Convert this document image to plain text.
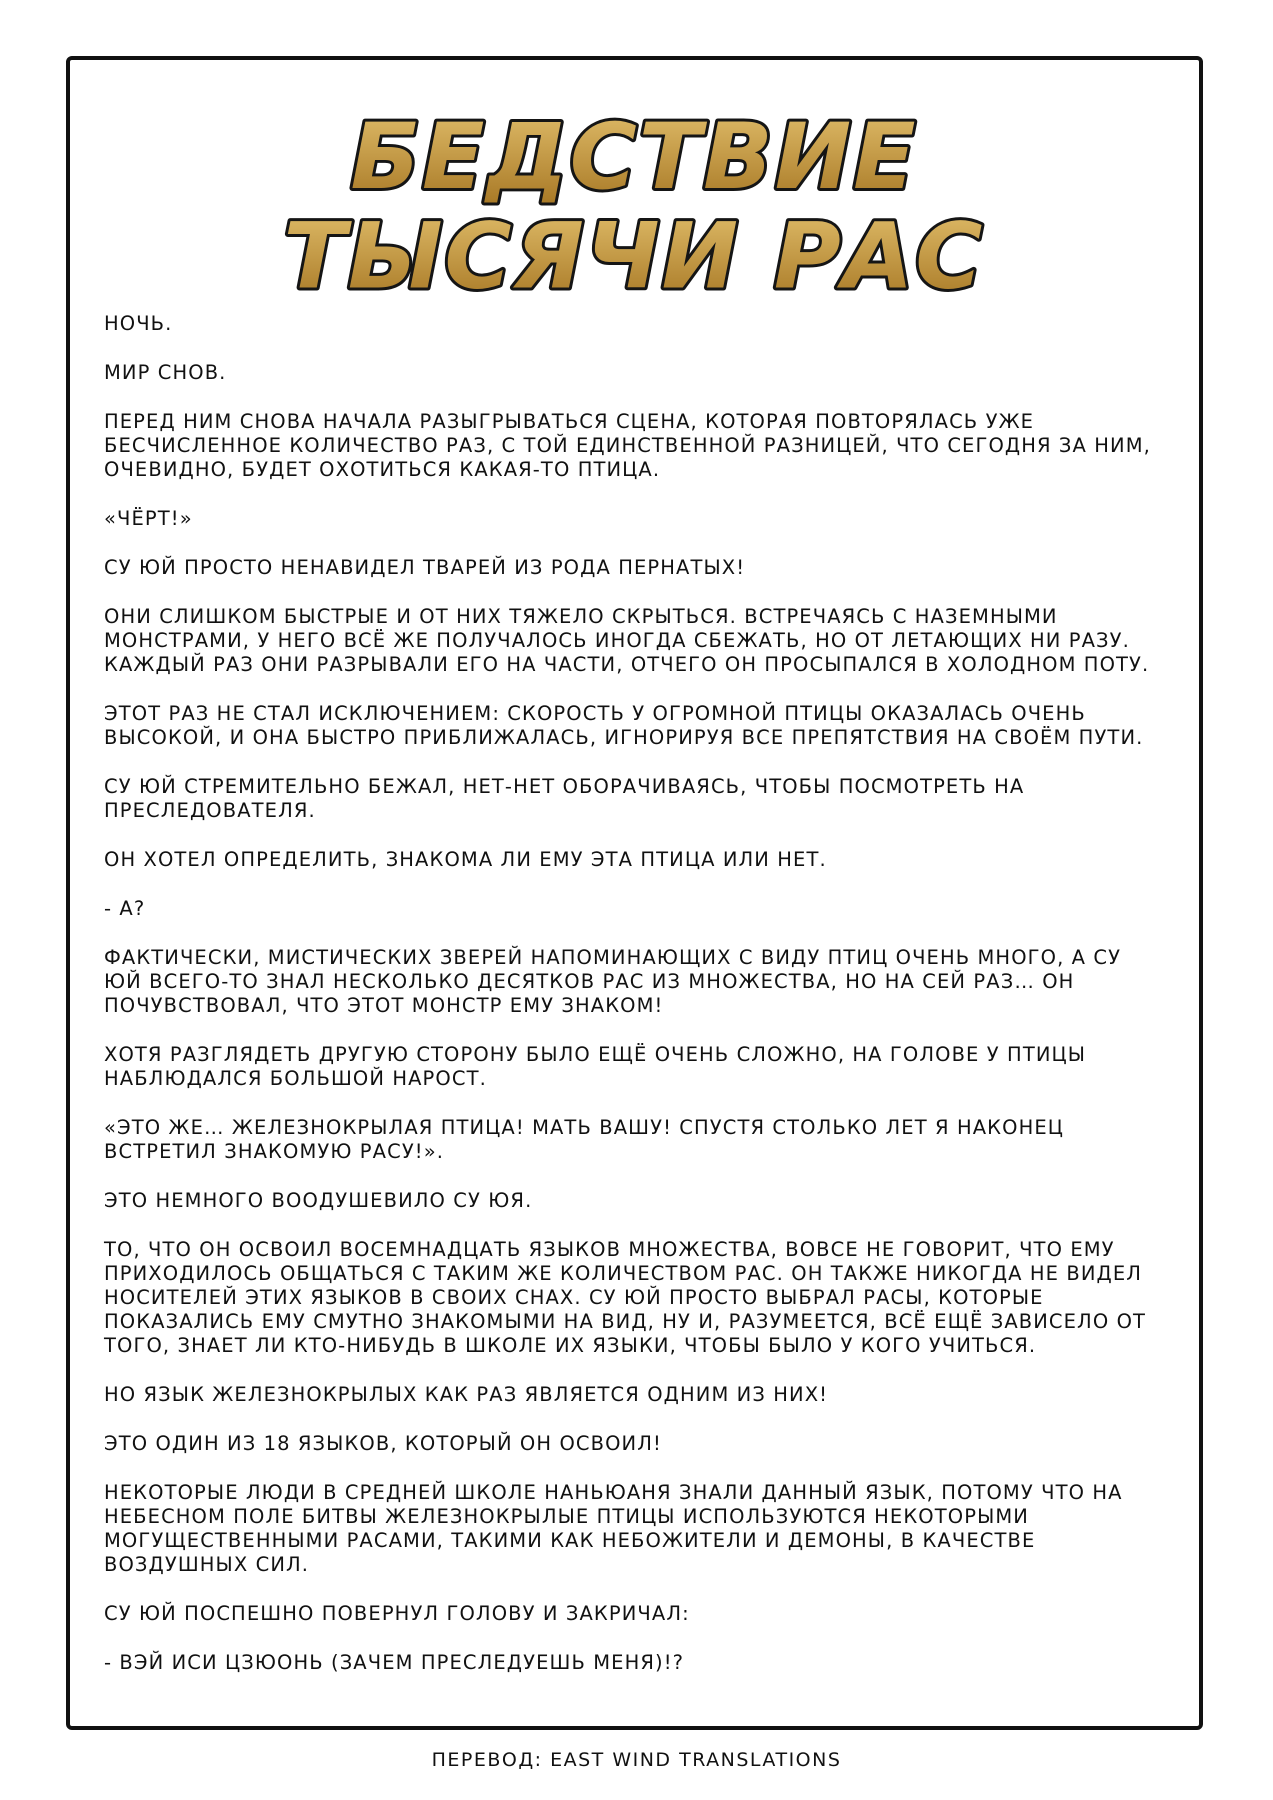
БЕДСТВИЕ
ТЫСЯЧИ РАС

НОЧЬ.

МИР СНОВ.

ПЕРЕД НИМ СНОВА НАЧАЛА РАЗЫГРЫВАТЬСЯ СЦЕНА, КОТОРАЯ ПОВТОРЯЛАСЬ УЖЕ БЕСЧИСЛЕННОЕ КОЛИЧЕСТВО РАЗ, С ТОЙ ЕДИНСТВЕННОЙ РАЗНИЦЕЙ, ЧТО СЕГОДНЯ ЗА НИМ, ОЧЕВИДНО, БУДЕТ ОХОТИТЬСЯ КАКАЯ-ТО ПТИЦА.

«ЧЁРТ!»

СУ ЮЙ ПРОСТО НЕНАВИДЕЛ ТВАРЕЙ ИЗ РОДА ПЕРНАТЫХ!

ОНИ СЛИШКОМ БЫСТРЫЕ И ОТ НИХ ТЯЖЕЛО СКРЫТЬСЯ. ВСТРЕЧАЯСЬ С НАЗЕМНЫМИ МОНСТРАМИ, У НЕГО ВСЁ ЖЕ ПОЛУЧАЛОСЬ ИНОГДА СБЕЖАТЬ, НО ОТ ЛЕТАЮЩИХ НИ РАЗУ. КАЖДЫЙ РАЗ ОНИ РАЗРЫВАЛИ ЕГО НА ЧАСТИ, ОТЧЕГО ОН ПРОСЫПАЛСЯ В ХОЛОДНОМ ПОТУ.

ЭТОТ РАЗ НЕ СТАЛ ИСКЛЮЧЕНИЕМ: СКОРОСТЬ У ОГРОМНОЙ ПТИЦЫ ОКАЗАЛАСЬ ОЧЕНЬ ВЫСОКОЙ, И ОНА БЫСТРО ПРИБЛИЖАЛАСЬ, ИГНОРИРУЯ ВСЕ ПРЕПЯТСТВИЯ НА СВОЁМ ПУТИ.

СУ ЮЙ СТРЕМИТЕЛЬНО БЕЖАЛ, НЕТ-НЕТ ОБОРАЧИВАЯСЬ, ЧТОБЫ ПОСМОТРЕТЬ НА ПРЕСЛЕДОВАТЕЛЯ.

ОН ХОТЕЛ ОПРЕДЕЛИТЬ, ЗНАКОМА ЛИ ЕМУ ЭТА ПТИЦА ИЛИ НЕТ.

- А?

ФАКТИЧЕСКИ, МИСТИЧЕСКИХ ЗВЕРЕЙ НАПОМИНАЮЩИХ С ВИДУ ПТИЦ ОЧЕНЬ МНОГО, А СУ ЮЙ ВСЕГО-ТО ЗНАЛ НЕСКОЛЬКО ДЕСЯТКОВ РАС ИЗ МНОЖЕСТВА, НО НА СЕЙ РАЗ… ОН ПОЧУВСТВОВАЛ, ЧТО ЭТОТ МОНСТР ЕМУ ЗНАКОМ!

ХОТЯ РАЗГЛЯДЕТЬ ДРУГУЮ СТОРОНУ БЫЛО ЕЩЁ ОЧЕНЬ СЛОЖНО, НА ГОЛОВЕ У ПТИЦЫ НАБЛЮДАЛСЯ БОЛЬШОЙ НАРОСТ.

«ЭТО ЖЕ… ЖЕЛЕЗНОКРЫЛАЯ ПТИЦА! МАТЬ ВАШУ! СПУСТЯ СТОЛЬКО ЛЕТ Я НАКОНЕЦ ВСТРЕТИЛ ЗНАКОМУЮ РАСУ!».

ЭТО НЕМНОГО ВООДУШЕВИЛО СУ ЮЯ.

ТО, ЧТО ОН ОСВОИЛ ВОСЕМНАДЦАТЬ ЯЗЫКОВ МНОЖЕСТВА, ВОВСЕ НЕ ГОВОРИТ, ЧТО ЕМУ ПРИХОДИЛОСЬ ОБЩАТЬСЯ С ТАКИМ ЖЕ КОЛИЧЕСТВОМ РАС. ОН ТАКЖЕ НИКОГДА НЕ ВИДЕЛ НОСИТЕЛЕЙ ЭТИХ ЯЗЫКОВ В СВОИХ СНАХ. СУ ЮЙ ПРОСТО ВЫБРАЛ РАСЫ, КОТОРЫЕ ПОКАЗАЛИСЬ ЕМУ СМУТНО ЗНАКОМЫМИ НА ВИД, НУ И, РАЗУМЕЕТСЯ, ВСЁ ЕЩЁ ЗАВИСЕЛО ОТ ТОГО, ЗНАЕТ ЛИ КТО-НИБУДЬ В ШКОЛЕ ИХ ЯЗЫКИ, ЧТОБЫ БЫЛО У КОГО УЧИТЬСЯ.

НО ЯЗЫК ЖЕЛЕЗНОКРЫЛЫХ КАК РАЗ ЯВЛЯЕТСЯ ОДНИМ ИЗ НИХ!

ЭТО ОДИН ИЗ 18 ЯЗЫКОВ, КОТОРЫЙ ОН ОСВОИЛ!

НЕКОТОРЫЕ ЛЮДИ В СРЕДНЕЙ ШКОЛЕ НАНЬЮАНЯ ЗНАЛИ ДАННЫЙ ЯЗЫК, ПОТОМУ ЧТО НА НЕБЕСНОМ ПОЛЕ БИТВЫ ЖЕЛЕЗНОКРЫЛЫЕ ПТИЦЫ ИСПОЛЬЗУЮТСЯ НЕКОТОРЫМИ МОГУЩЕСТВЕННЫМИ РАСАМИ, ТАКИМИ КАК НЕБОЖИТЕЛИ И ДЕМОНЫ, В КАЧЕСТВЕ ВОЗДУШНЫХ СИЛ.

СУ ЮЙ ПОСПЕШНО ПОВЕРНУЛ ГОЛОВУ И ЗАКРИЧАЛ:

- ВЭЙ ИСИ ЦЗЮОНЬ (ЗАЧЕМ ПРЕСЛЕДУЕШЬ МЕНЯ)!?

ПЕРЕВОД: EAST WIND TRANSLATIONS
